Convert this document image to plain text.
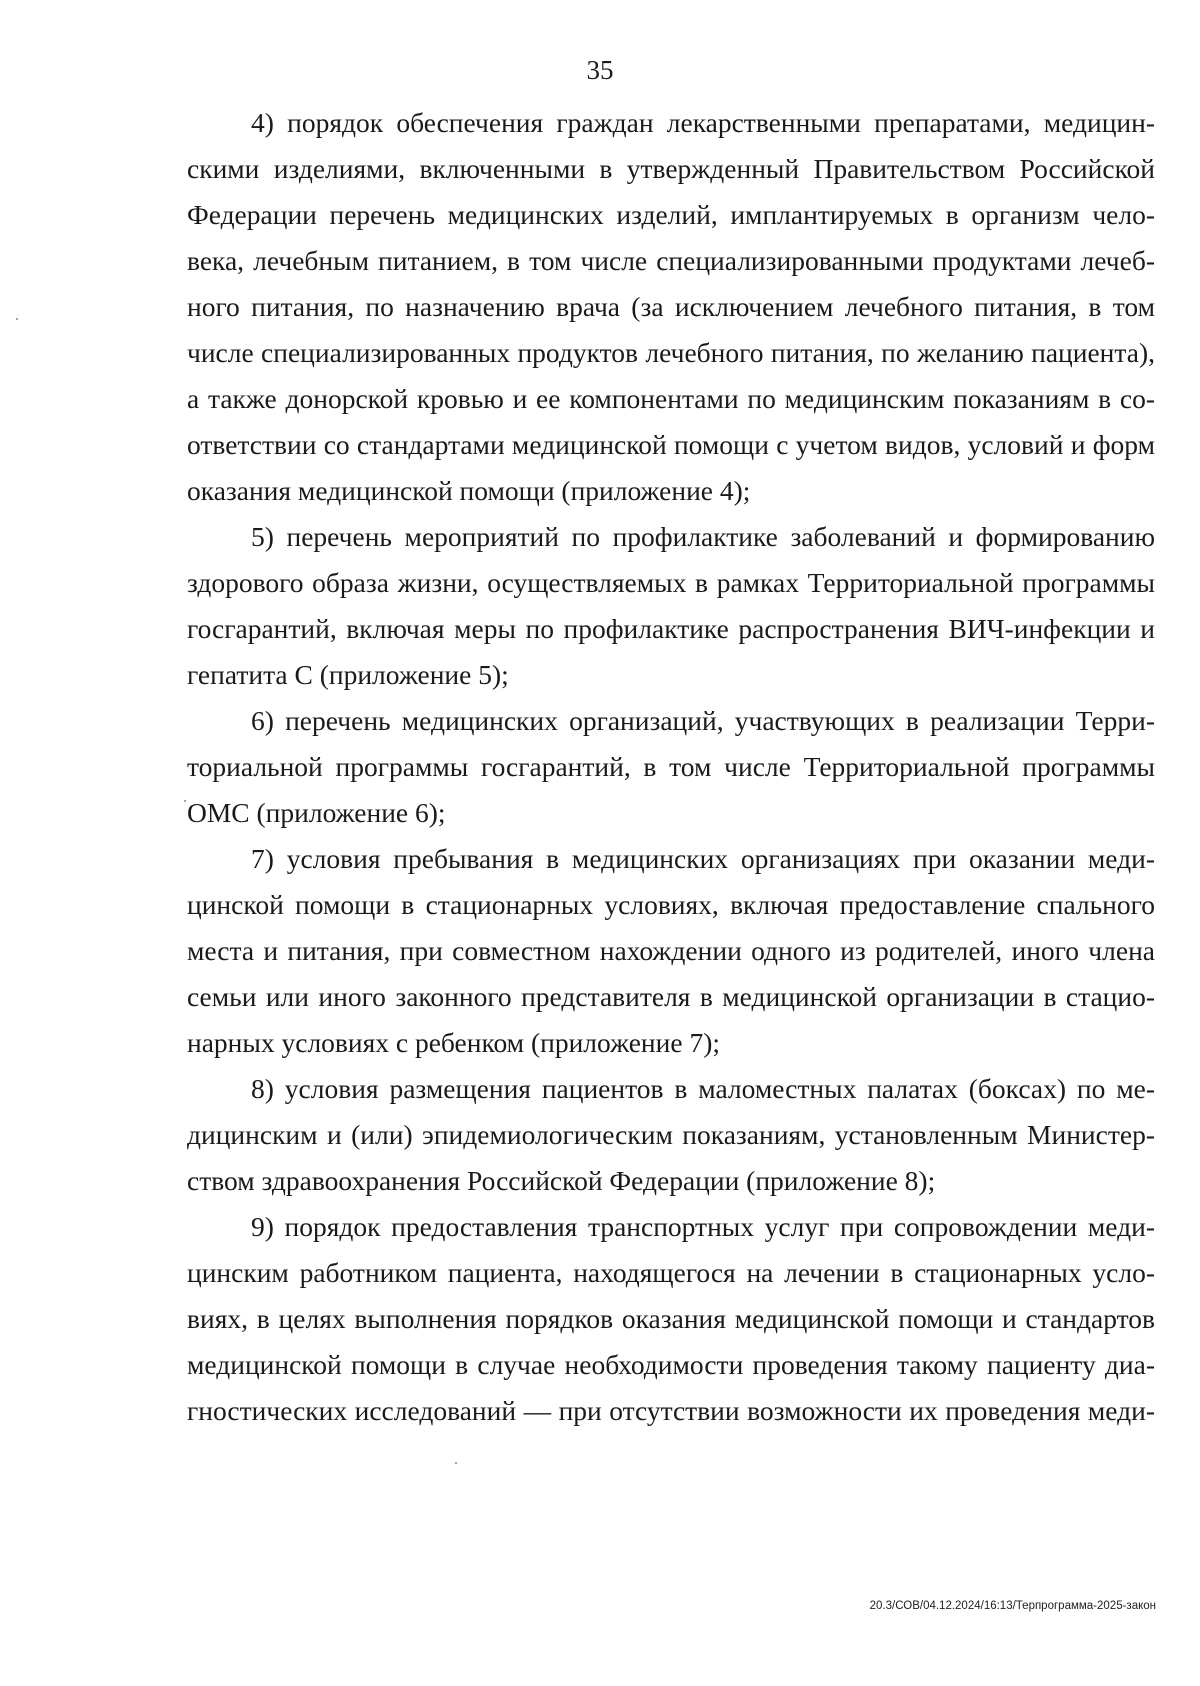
35
4) порядок обеспечения граждан лекарственными препаратами, медицин-
скими изделиями, включенными в утвержденный Правительством Российской
Федерации перечень медицинских изделий, имплантируемых в организм чело-
века, лечебным питанием, в том числе специализированными продуктами лечеб-
ного питания, по назначению врача (за исключением лечебного питания, в том
числе специализированных продуктов лечебного питания, по желанию пациента),
а также донорской кровью и ее компонентами по медицинским показаниям в со-
ответствии со стандартами медицинской помощи с учетом видов, условий и форм
оказания медицинской помощи (приложение 4);
5) перечень мероприятий по профилактике заболеваний и формированию
здорового образа жизни, осуществляемых в рамках Территориальной программы
госгарантий, включая меры по профилактике распространения ВИЧ-инфекции и
гепатита С (приложение 5);
6) перечень медицинских организаций, участвующих в реализации Терри-
ториальной программы госгарантий, в том числе Территориальной программы
ОМС (приложение 6);
7) условия пребывания в медицинских организациях при оказании меди-
цинской помощи в стационарных условиях, включая предоставление спального
места и питания, при совместном нахождении одного из родителей, иного члена
семьи или иного законного представителя в медицинской организации в стацио-
нарных условиях с ребенком (приложение 7);
8) условия размещения пациентов в маломестных палатах (боксах) по ме-
дицинским и (или) эпидемиологическим показаниям, установленным Министер-
ством здравоохранения Российской Федерации (приложение 8);
9) порядок предоставления транспортных услуг при сопровождении меди-
цинским работником пациента, находящегося на лечении в стационарных усло-
виях, в целях выполнения порядков оказания медицинской помощи и стандартов
медицинской помощи в случае необходимости проведения такому пациенту диа-
гностических исследований — при отсутствии возможности их проведения меди-
20.3/СОВ/04.12.2024/16:13/Терпрограмма-2025-закон
